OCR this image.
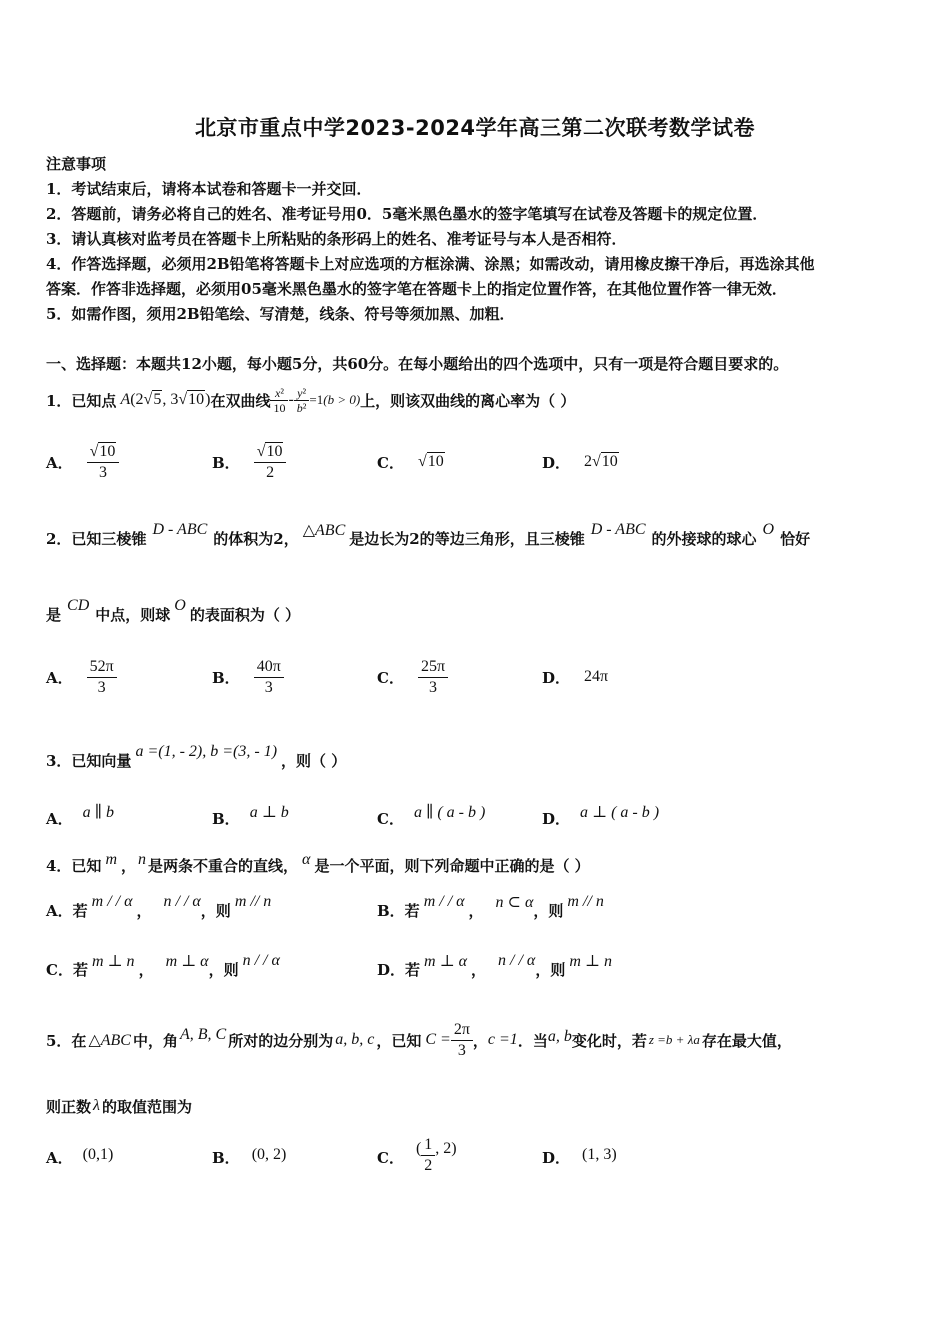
北京市重点中学2023-2024学年高三第二次联考数学试卷
注意事项
1．考试结束后，请将本试卷和答题卡一并交回．
2．答题前，请务必将自己的姓名、准考证号用0．5毫米黑色墨水的签字笔填写在试卷及答题卡的规定位置．
3．请认真核对监考员在答题卡上所粘贴的条形码上的姓名、准考证号与本人是否相符．
4．作答选择题，必须用2B铅笔将答题卡上对应选项的方框涂满、涂黑；如需改动，请用橡皮擦干净后，再选涂其他
答案．作答非选择题，必须用05毫米黑色墨水的签字笔在答题卡上的指定位置作答，在其他位置作答一律无效．
5．如需作图，须用2B铅笔绘、写清楚，线条、符号等须加黑、加粗．
一、选择题：本题共12小题，每小题5分，共60分。在每小题给出的四个选项中，只有一项是符合题目要求的。
1．已知点 A (2√5, 3√10) 在双曲线 $\frac{\text{x²}}{10} - \frac{\text{y²}}{\text{b²}} =1$ (b > 0) 上，则该双曲线的离心率为（ ）
A． $\frac{√10}{3}$	B． $\frac{√10}{2}$	C． √10	D． 2√10
2．已知三棱锥 D - ABC 的体积为2， △ABC 是边长为2的等边三角形，且三棱锥 D - ABC 的外接球的球心 O 恰好
是 CD 中点，则球 O 的表面积为（ ）
A． $\frac{52\pi}{3}$	B． $\frac{40\pi}{3}$	C． $\frac{25\pi}{3}$	D． 24π
3．已知向量 a =(1, - 2), b =(3, - 1) ，则（ ）
A． a ∥ b	B． a ⊥ b	C． a ∥ ( a - b )	D． a ⊥ ( a - b )
4．已知 m ， n 是两条不重合的直线， α 是一个平面，则下列命题中正确的是（ ）
A．若 m / / α ， n / / α ，则 m // n	B．若 m / / α ， n ⊂ α ，则 m // n
C．若 m ⊥ n ， m ⊥ α ，则 n / / α	D．若 m ⊥ α ， n / / α ，则 m ⊥ n
5．在 △ABC 中，角 A, B, C 所对的边分别为 a, b, c ，已知 $C = \frac{2\pi}{3}$ ， c =1 ．当 a, b 变化时，若 z =b + λa 存在最大值，
则正数 λ 的取值范围为
A． (0,1)	B． (0, 2)	C． ( $\frac{1}{2}$ , 2)	D． (1, 3)
